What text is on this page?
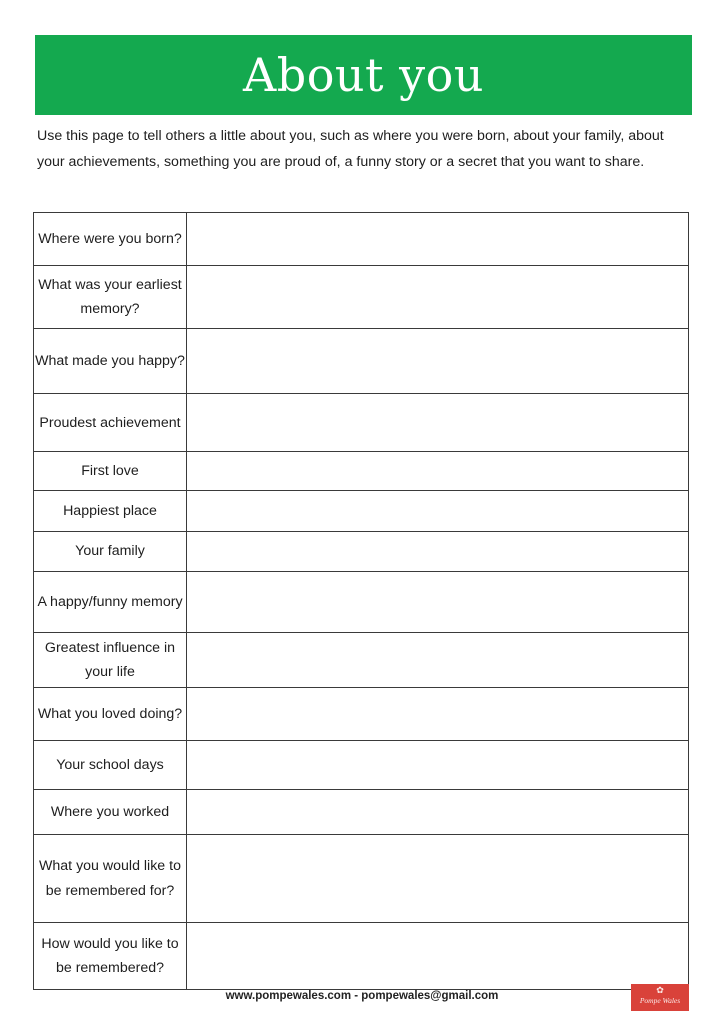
About you
Use this page to tell others a little about you, such as where you were born, about your family, about your achievements, something you are proud of, a funny story or a secret that you want to share.
Where were you born?	
What was your earliest memory?	
What made you happy?	
Proudest achievement	
First love	
Happiest place	
Your family	
A happy/funny memory	
Greatest influence in your life	
What you loved doing?	
Your school days	
Where you worked	
What you would like to be remembered for?	
How would you like to be remembered?	
www.pompewales.com - pompewales@gmail.com	✿
Pompe Wales
